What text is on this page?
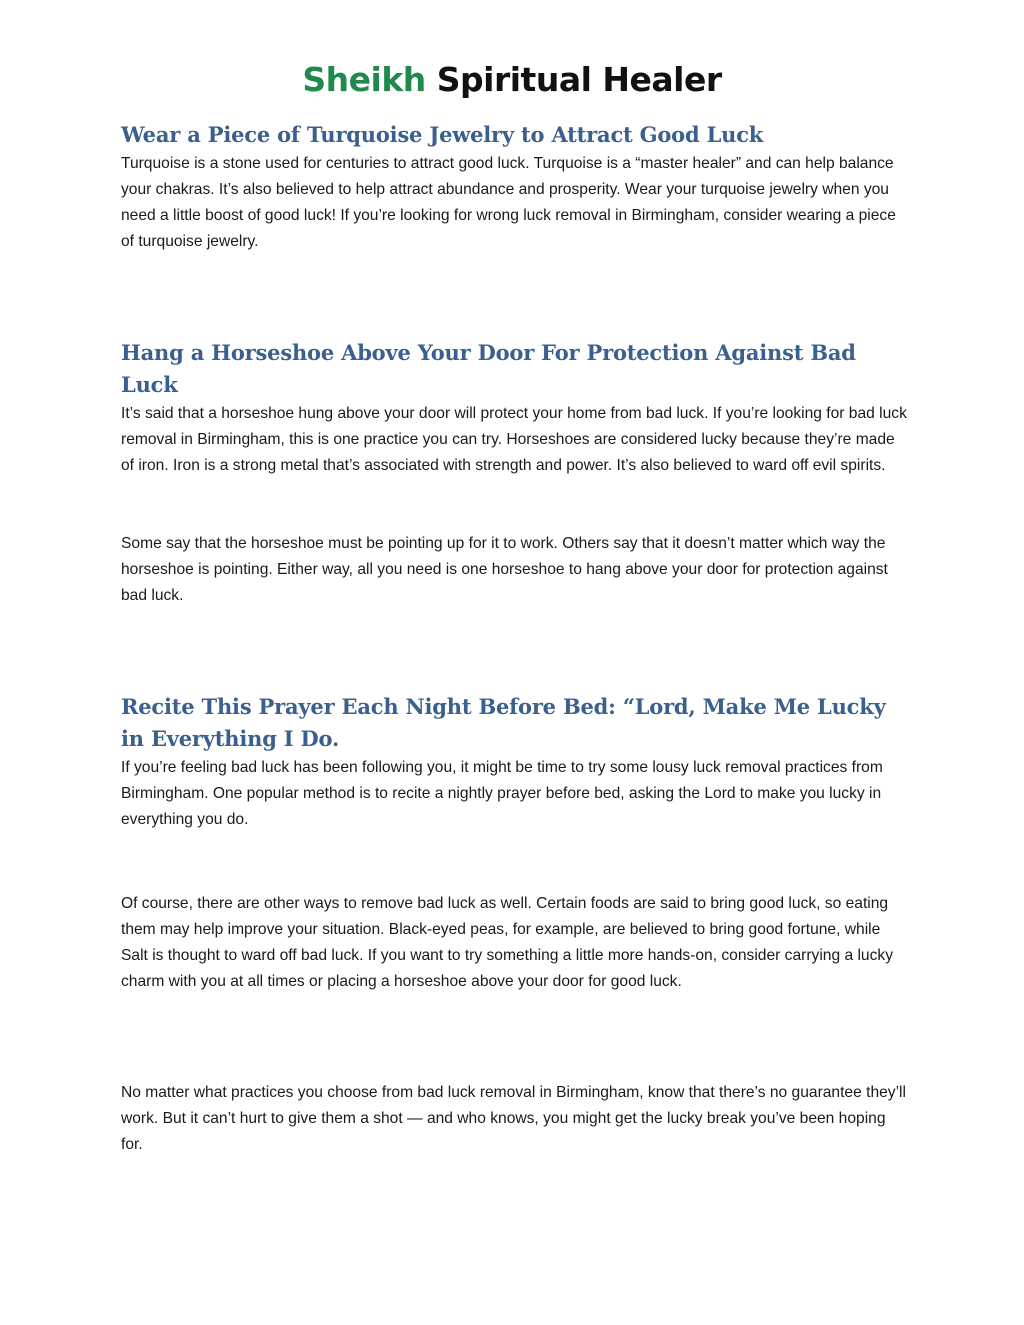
Sheikh Spiritual Healer
Wear a Piece of Turquoise Jewelry to Attract Good Luck

Turquoise is a stone used for centuries to attract good luck. Turquoise is a “master healer” and can help balance your chakras. It’s also believed to help attract abundance and prosperity. Wear your turquoise jewelry when you need a little boost of good luck! If you’re looking for wrong luck removal in Birmingham, consider wearing a piece of turquoise jewelry.

Hang a Horseshoe Above Your Door For Protection Against Bad Luck

It’s said that a horseshoe hung above your door will protect your home from bad luck. If you’re looking for bad luck removal in Birmingham, this is one practice you can try. Horseshoes are considered lucky because they’re made of iron. Iron is a strong metal that’s associated with strength and power. It’s also believed to ward off evil spirits.

Some say that the horseshoe must be pointing up for it to work. Others say that it doesn’t matter which way the horseshoe is pointing. Either way, all you need is one horseshoe to hang above your door for protection against bad luck.

Recite This Prayer Each Night Before Bed: “Lord, Make Me Lucky in Everything I Do.

If you’re feeling bad luck has been following you, it might be time to try some lousy luck removal practices from Birmingham. One popular method is to recite a nightly prayer before bed, asking the Lord to make you lucky in everything you do.

Of course, there are other ways to remove bad luck as well. Certain foods are said to bring good luck, so eating them may help improve your situation. Black-eyed peas, for example, are believed to bring good fortune, while Salt is thought to ward off bad luck. If you want to try something a little more hands-on, consider carrying a lucky charm with you at all times or placing a horseshoe above your door for good luck.

No matter what practices you choose from bad luck removal in Birmingham, know that there’s no guarantee they’ll work. But it can’t hurt to give them a shot — and who knows, you might get the lucky break you’ve been hoping for.
